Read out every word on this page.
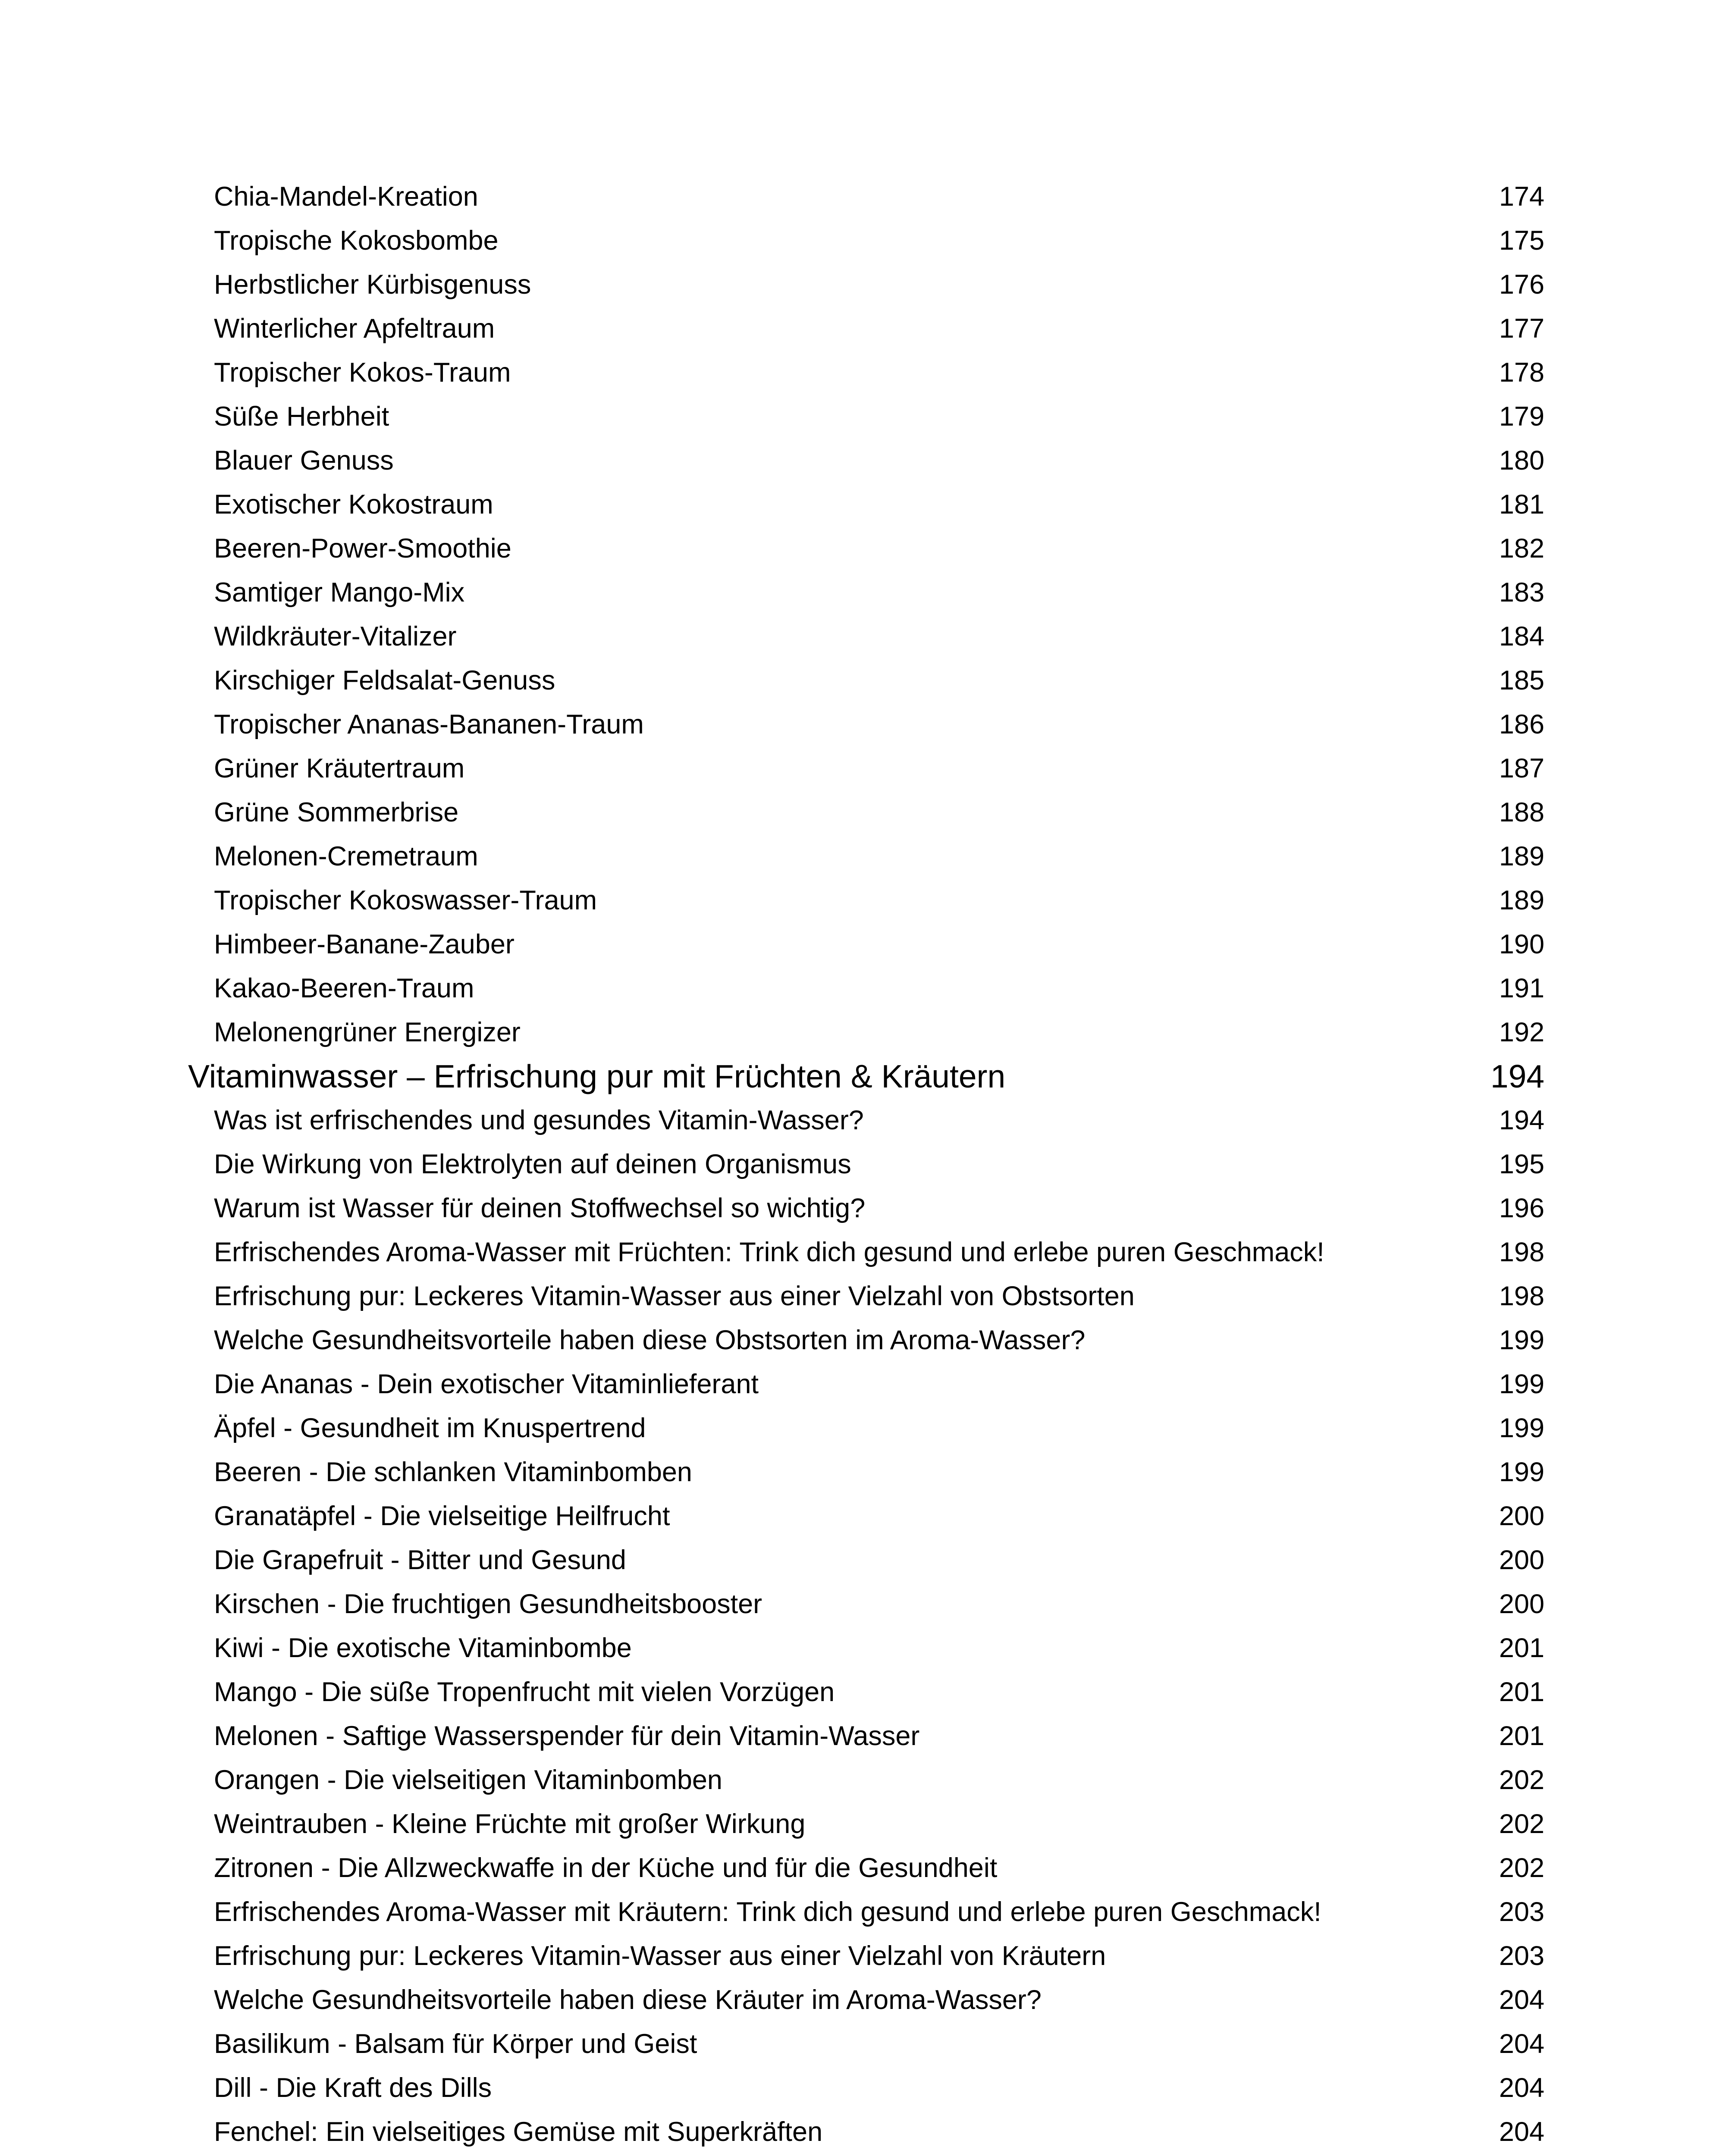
Chia-Mandel-Kreation	174
Tropische Kokosbombe	175
Herbstlicher Kürbisgenuss	176
Winterlicher Apfeltraum	177
Tropischer Kokos-Traum	178
Süße Herbheit	179
Blauer Genuss	180
Exotischer Kokostraum	181
Beeren-Power-Smoothie	182
Samtiger Mango-Mix	183
Wildkräuter-Vitalizer	184
Kirschiger Feldsalat-Genuss	185
Tropischer Ananas-Bananen-Traum	186
Grüner Kräutertraum	187
Grüne Sommerbrise	188
Melonen-Cremetraum	189
Tropischer Kokoswasser-Traum	189
Himbeer-Banane-Zauber	190
Kakao-Beeren-Traum	191
Melonengrüner Energizer	192
Vitaminwasser – Erfrischung pur mit Früchten & Kräutern	194
Was ist erfrischendes und gesundes Vitamin-Wasser?	194
Die Wirkung von Elektrolyten auf deinen Organismus	195
Warum ist Wasser für deinen Stoffwechsel so wichtig?	196
Erfrischendes Aroma-Wasser mit Früchten: Trink dich gesund und erlebe puren Geschmack!	198
Erfrischung pur: Leckeres Vitamin-Wasser aus einer Vielzahl von Obstsorten	198
Welche Gesundheitsvorteile haben diese Obstsorten im Aroma-Wasser?	199
Die Ananas - Dein exotischer Vitaminlieferant	199
Äpfel - Gesundheit im Knuspertrend	199
Beeren - Die schlanken Vitaminbomben	199
Granatäpfel - Die vielseitige Heilfrucht	200
Die Grapefruit - Bitter und Gesund	200
Kirschen - Die fruchtigen Gesundheitsbooster	200
Kiwi - Die exotische Vitaminbombe	201
Mango - Die süße Tropenfrucht mit vielen Vorzügen	201
Melonen - Saftige Wasserspender für dein Vitamin-Wasser	201
Orangen - Die vielseitigen Vitaminbomben	202
Weintrauben - Kleine Früchte mit großer Wirkung	202
Zitronen - Die Allzweckwaffe in der Küche und für die Gesundheit	202
Erfrischendes Aroma-Wasser mit Kräutern: Trink dich gesund und erlebe puren Geschmack!	203
Erfrischung pur: Leckeres Vitamin-Wasser aus einer Vielzahl von Kräutern	203
Welche Gesundheitsvorteile haben diese Kräuter im Aroma-Wasser?	204
Basilikum - Balsam für Körper und Geist	204
Dill - Die Kraft des Dills	204
Fenchel: Ein vielseitiges Gemüse mit Superkräften	204
